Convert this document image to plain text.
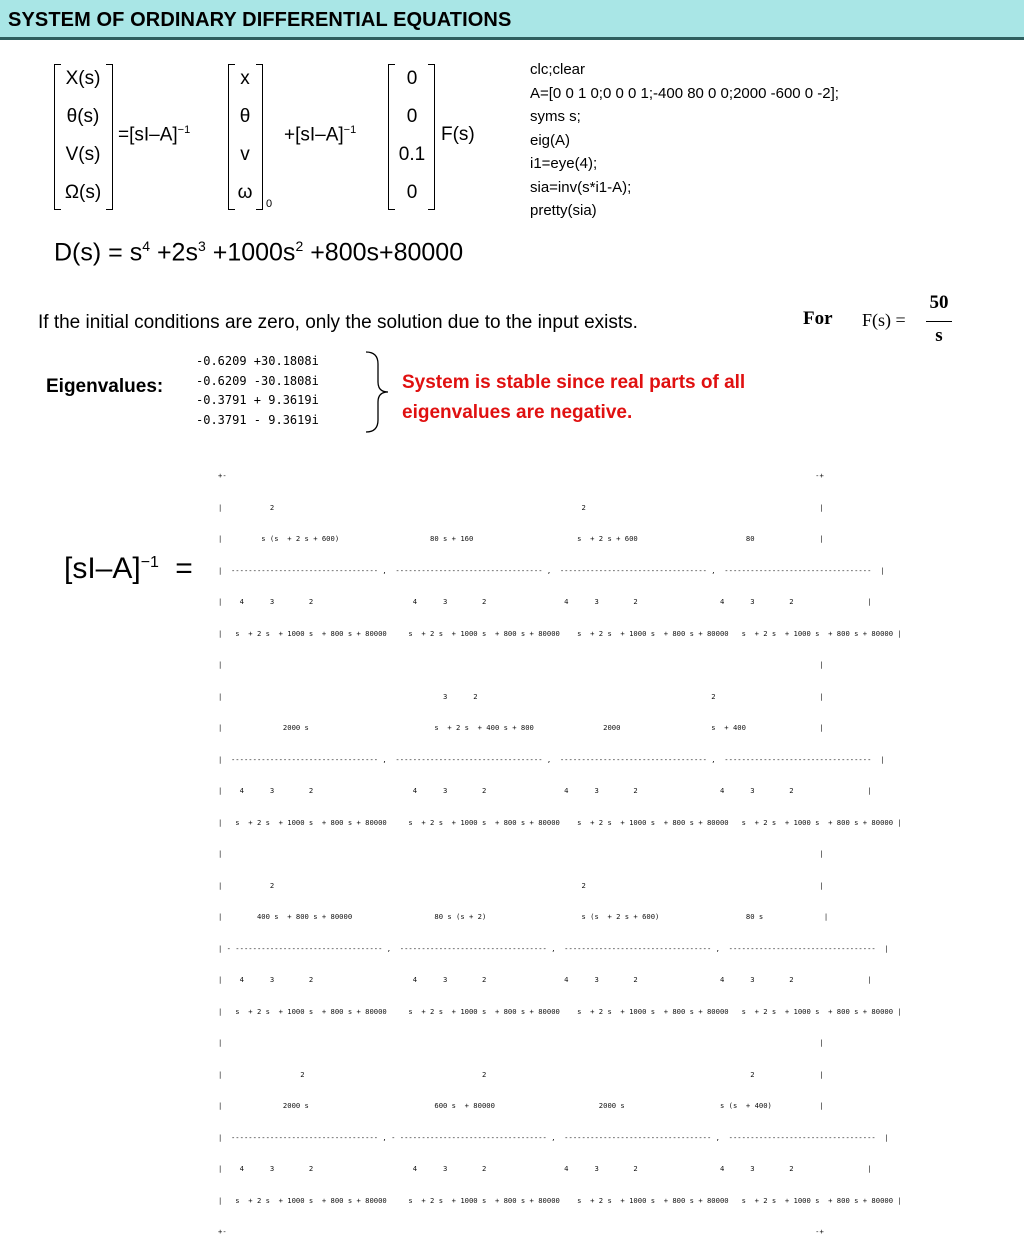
SYSTEM OF ORDINARY DIFFERENTIAL EQUATIONS
X(s)
θ(s)
V(s)
Ω(s)
$=[sI-A]^{-1}$
x
θ
v
ω
0
$+[sI-A]^{-1}$
0
0
0.1
0
F(s)
clc;clear
A=[0 0 1 0;0 0 0 1;-400 80 0 0;2000 -600 0 -2];
syms s;
eig(A)
i1=eye(4);
sia=inv(s*i1-A);
pretty(sia)
$D(s) = s^4 +2s^3 +1000s^2 +800s+80000$
If the initial conditions are zero, only the solution due to the input exists.	For F(s) =
50
s
Eigenvalues:
-0.6209 +30.1808i
-0.6209 -30.1808i
-0.3791 + 9.3619i
-0.3791 - 9.3619i
System is stable since real parts of all
eigenvalues are negative.
$[sI-A]^{-1}$ =

+-                                                                                                                                        -+

|           2                                                                       2                                                      |

|         s (s  + 2 s + 600)                     80 s + 160                        s  + 2 s + 600                         80               |

|  ---------------------------------- ,  ---------------------------------- ,  ---------------------------------- ,  ----------------------------------  |

|    4      3        2                       4      3        2                  4      3        2                   4      3        2                 |

|   s  + 2 s  + 1000 s  + 800 s + 80000     s  + 2 s  + 1000 s  + 800 s + 80000    s  + 2 s  + 1000 s  + 800 s + 80000   s  + 2 s  + 1000 s  + 800 s + 80000 |

|                                                                                                                                          |

|                                                   3      2                                                      2                        |

|              2000 s                             s  + 2 s  + 400 s + 800                2000                     s  + 400                 |

|  ---------------------------------- ,  ---------------------------------- ,  ---------------------------------- ,  ----------------------------------  |

|    4      3        2                       4      3        2                  4      3        2                   4      3        2                 |

|   s  + 2 s  + 1000 s  + 800 s + 80000     s  + 2 s  + 1000 s  + 800 s + 80000    s  + 2 s  + 1000 s  + 800 s + 80000   s  + 2 s  + 1000 s  + 800 s + 80000 |

|                                                                                                                                          |

|           2                                                                       2                                                      |

|        400 s  + 800 s + 80000                   80 s (s + 2)                      s (s  + 2 s + 600)                    80 s              |

| - ---------------------------------- ,  ---------------------------------- ,  ---------------------------------- ,  ----------------------------------  |

|    4      3        2                       4      3        2                  4      3        2                   4      3        2                 |

|   s  + 2 s  + 1000 s  + 800 s + 80000     s  + 2 s  + 1000 s  + 800 s + 80000    s  + 2 s  + 1000 s  + 800 s + 80000   s  + 2 s  + 1000 s  + 800 s + 80000 |

|                                                                                                                                          |

|                  2                                         2                                                             2               |

|              2000 s                             600 s  + 80000                        2000 s                      s (s  + 400)           |

|  ---------------------------------- , - ---------------------------------- ,  ---------------------------------- ,  ----------------------------------  |

|    4      3        2                       4      3        2                  4      3        2                   4      3        2                 |

|   s  + 2 s  + 1000 s  + 800 s + 80000     s  + 2 s  + 1000 s  + 800 s + 80000    s  + 2 s  + 1000 s  + 800 s + 80000   s  + 2 s  + 1000 s  + 800 s + 80000 |

+-                                                                                                                                        -+
